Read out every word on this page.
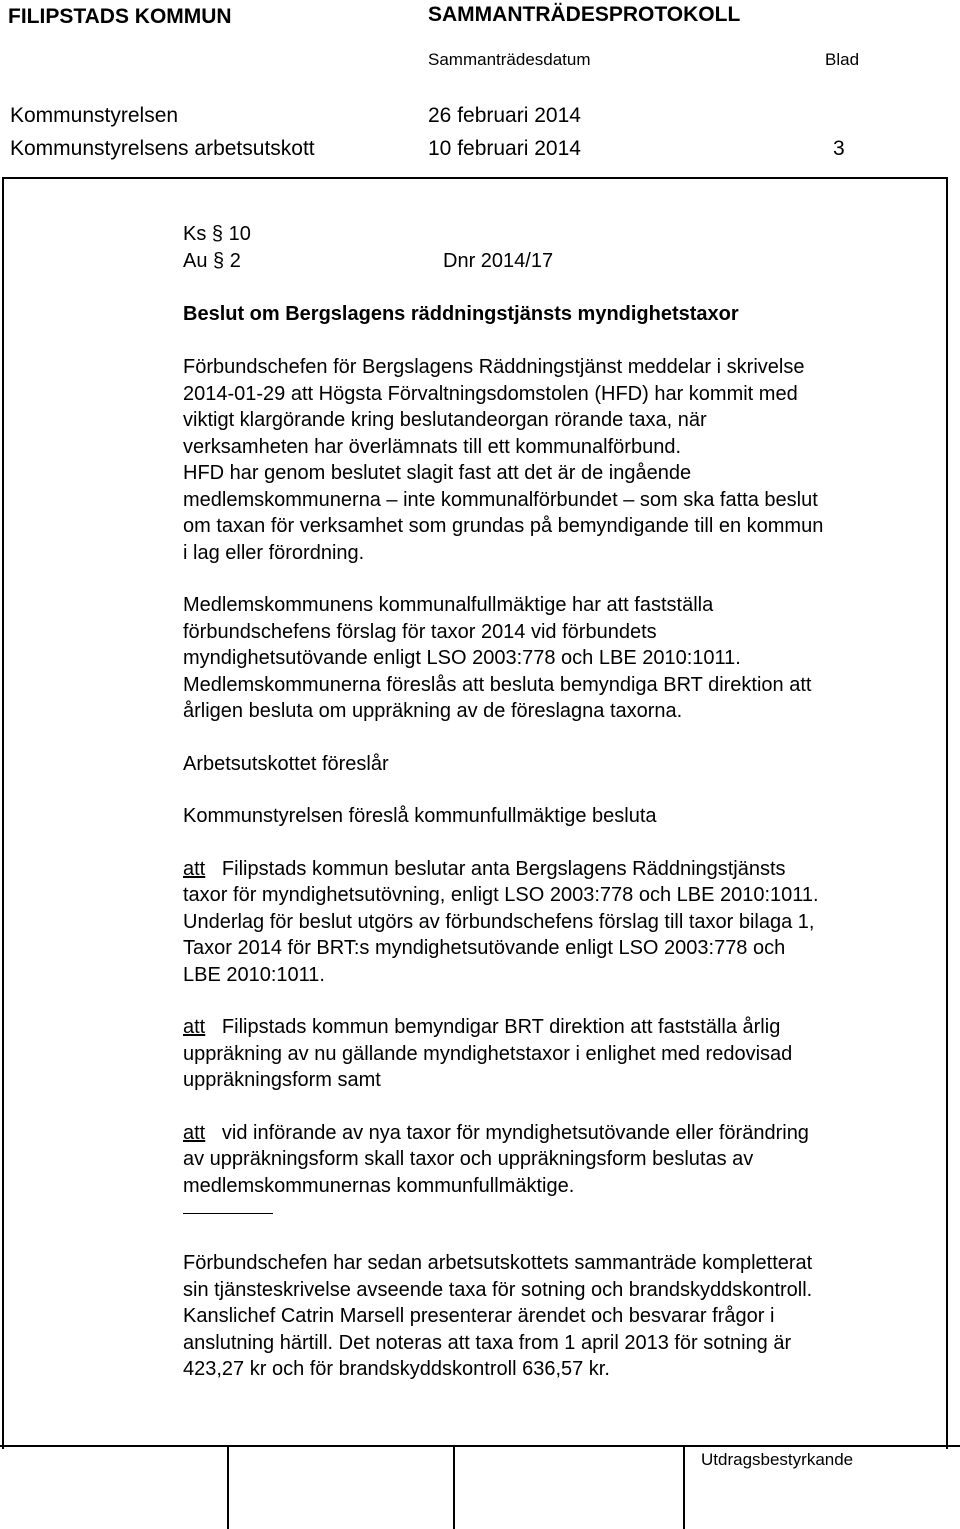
FILIPSTADS KOMMUN	SAMMANTRÄDESPROTOKOLL
Sammanträdesdatum	Blad
Kommunstyrelsen	26 februari 2014
Kommunstyrelsens arbetsutskott	10 februari 2014	3
Ks § 10
Au § 2	Dnr 2014/17
Beslut om Bergslagens räddningstjänsts myndighetstaxor

Förbundschefen för Bergslagens Räddningstjänst meddelar i skrivelse

2014-01-29 att Högsta Förvaltningsdomstolen (HFD) har kommit med

viktigt klargörande kring beslutandeorgan rörande taxa, när

verksamheten har överlämnats till ett kommunalförbund.

HFD har genom beslutet slagit fast att det är de ingående

medlemskommunerna – inte kommunalförbundet – som ska fatta beslut

om taxan för verksamhet som grundas på bemyndigande till en kommun

i lag eller förordning.

Medlemskommunens kommunalfullmäktige har att fastställa

förbundschefens förslag för taxor 2014 vid förbundets

myndighetsutövande enligt LSO 2003:778 och LBE 2010:1011.

Medlemskommunerna föreslås att besluta bemyndiga BRT direktion att

årligen besluta om uppräkning av de föreslagna taxorna.

Arbetsutskottet föreslår

Kommunstyrelsen föreslå kommunfullmäktige besluta

att Filipstads kommun beslutar anta Bergslagens Räddningstjänsts

taxor för myndighetsutövning, enligt LSO 2003:778 och LBE 2010:1011.

Underlag för beslut utgörs av förbundschefens förslag till taxor bilaga 1,

Taxor 2014 för BRT:s myndighetsutövande enligt LSO 2003:778 och

LBE 2010:1011.

att Filipstads kommun bemyndigar BRT direktion att fastställa årlig

uppräkning av nu gällande myndighetstaxor i enlighet med redovisad

uppräkningsform samt

att vid införande av nya taxor för myndighetsutövande eller förändring

av uppräkningsform skall taxor och uppräkningsform beslutas av

medlemskommunernas kommunfullmäktige.

Förbundschefen har sedan arbetsutskottets sammanträde kompletterat

sin tjänsteskrivelse avseende taxa för sotning och brandskyddskontroll.

Kanslichef Catrin Marsell presenterar ärendet och besvarar frågor i

anslutning härtill. Det noteras att taxa from 1 april 2013 för sotning är

423,27 kr och för brandskyddskontroll 636,57 kr.

Utdragsbestyrkande
